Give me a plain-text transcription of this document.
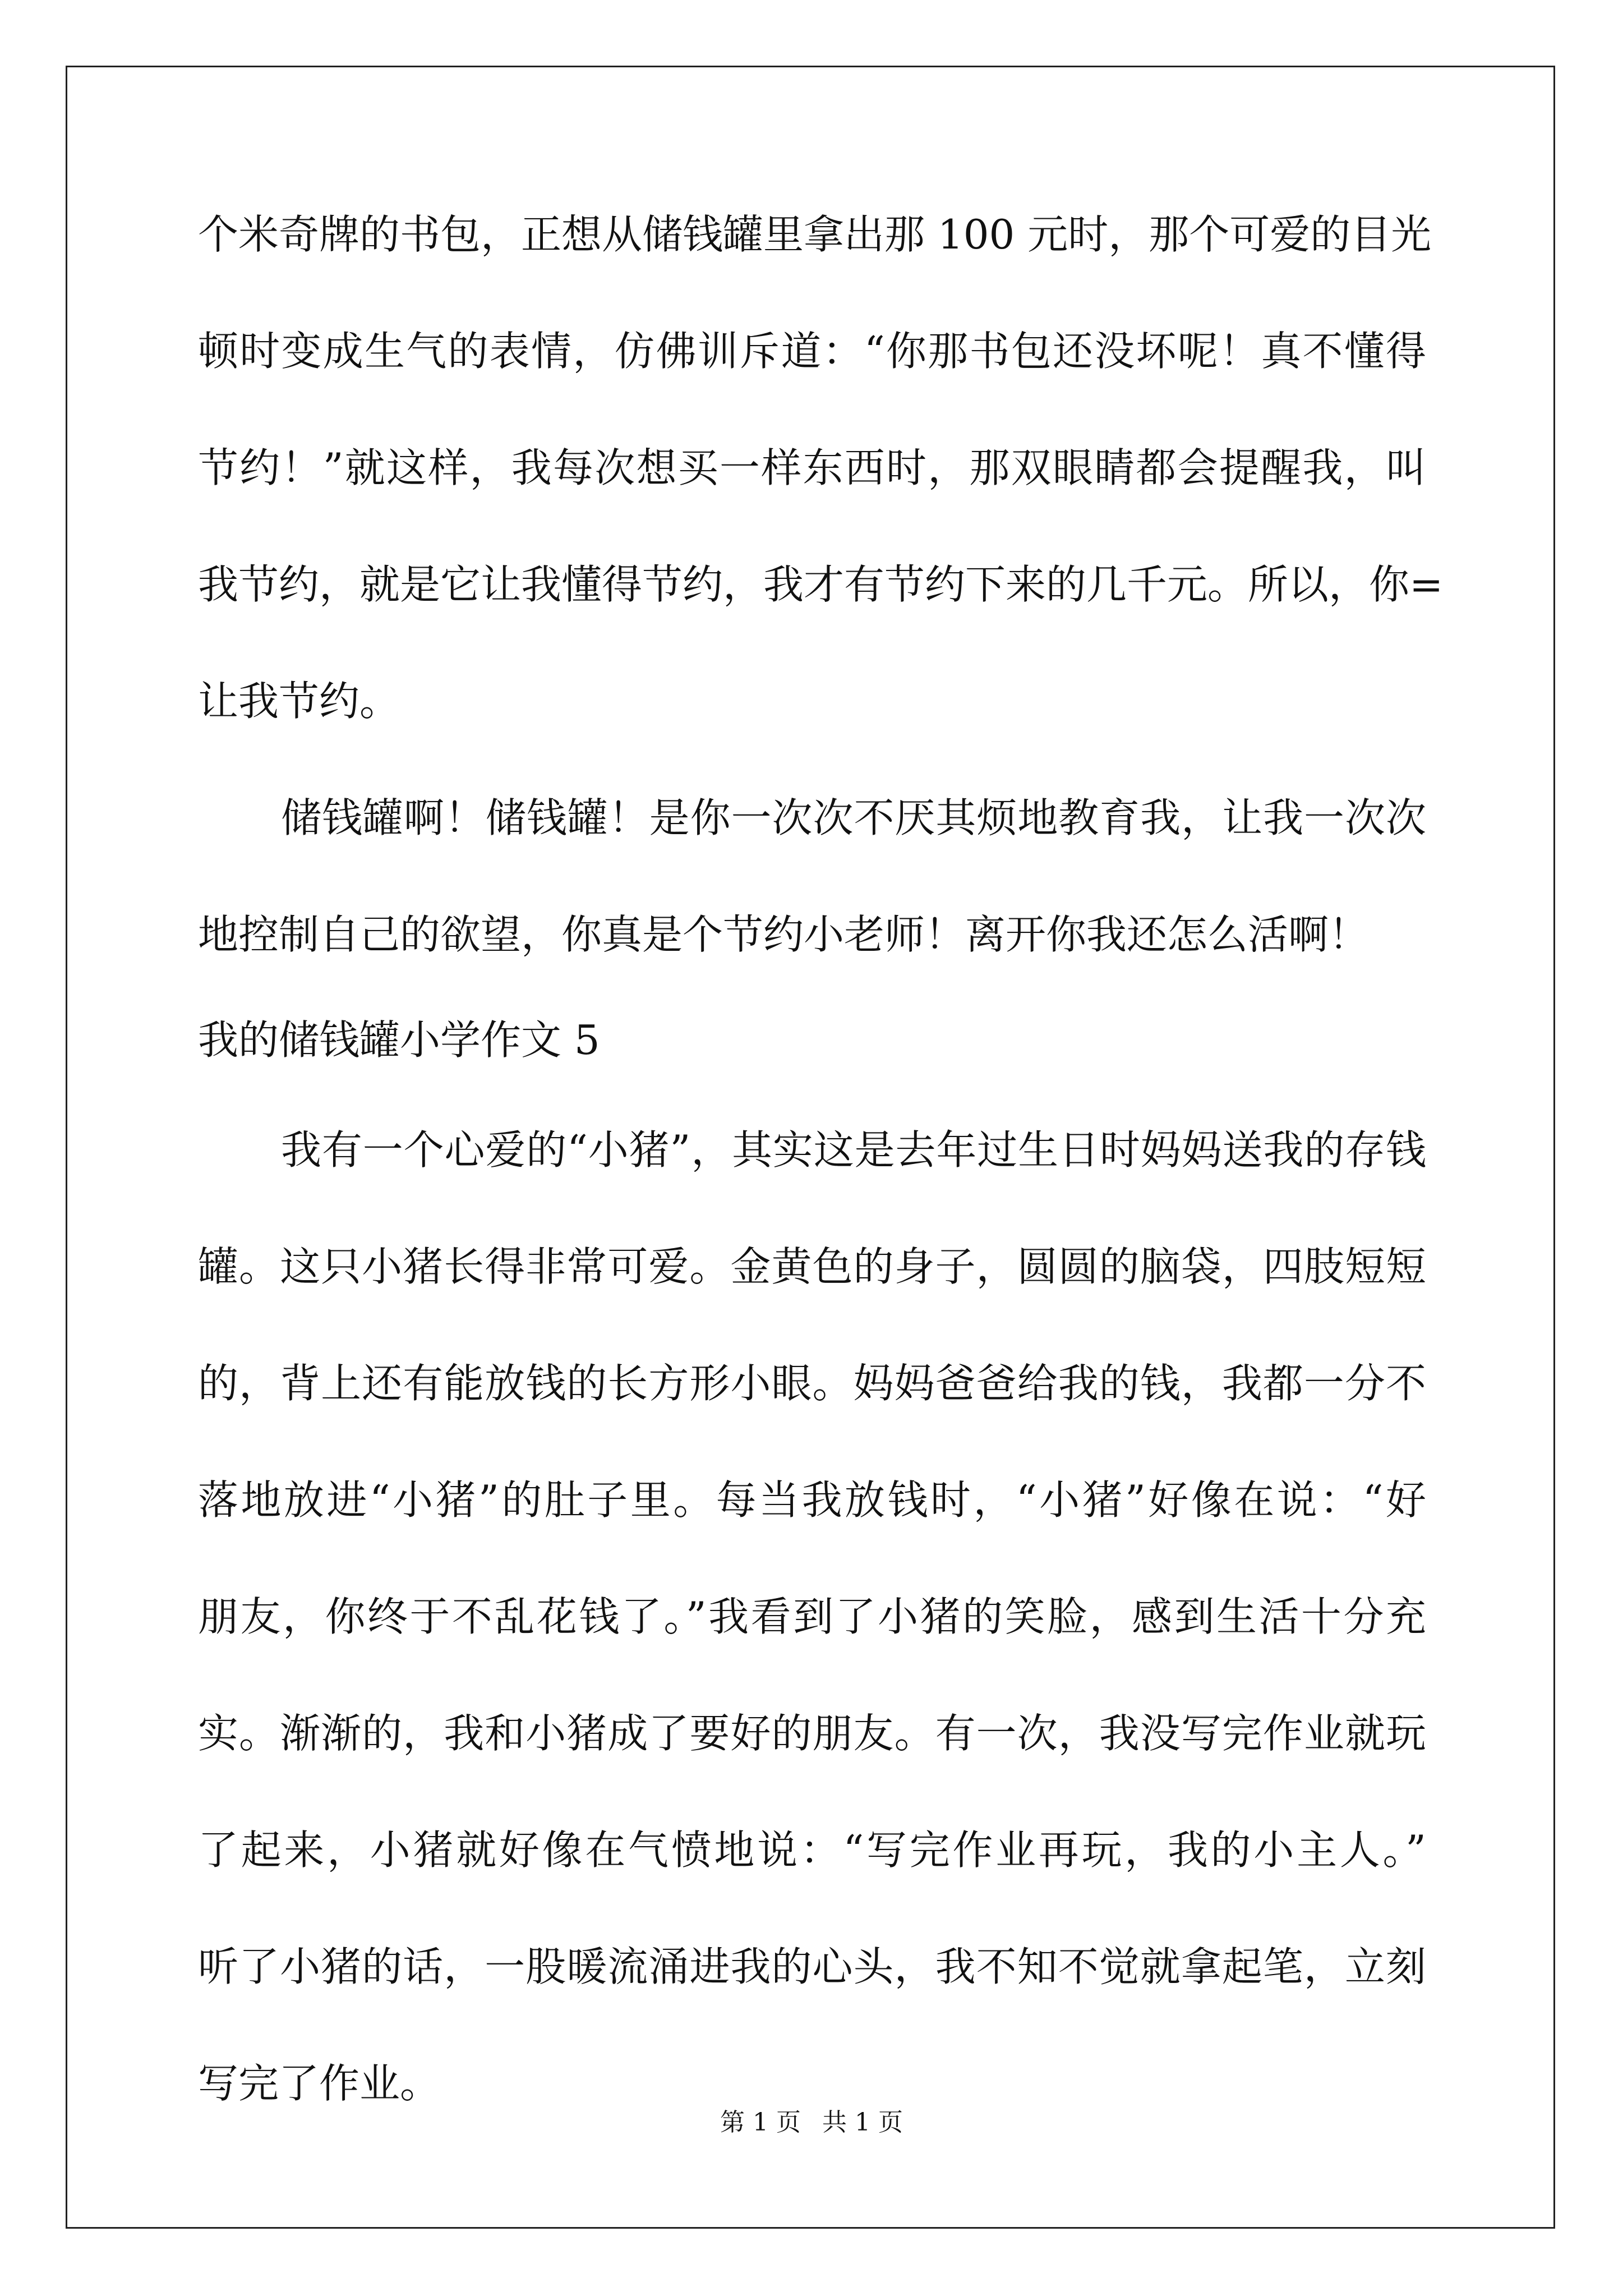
个米奇牌的书包，正想从储钱罐里拿出那 100 元时，那个可爱的目光
顿时变成生气的表情，仿佛训斥道：“你那书包还没坏呢！真不懂得
节约！”就这样，我每次想买一样东西时，那双眼睛都会提醒我，叫
我节约，就是它让我懂得节约，我才有节约下来的几千元。所以，你=
让我节约。
储钱罐啊！储钱罐！是你一次次不厌其烦地教育我，让我一次次
地控制自己的欲望，你真是个节约小老师！离开你我还怎么活啊！
我的储钱罐小学作文 5
我有一个心爱的“小猪”，其实这是去年过生日时妈妈送我的存钱
罐。这只小猪长得非常可爱。金黄色的身子，圆圆的脑袋，四肢短短
的，背上还有能放钱的长方形小眼。妈妈爸爸给我的钱，我都一分不
落地放进“小猪”的肚子里。每当我放钱时，“小猪”好像在说：“好
朋友，你终于不乱花钱了。”我看到了小猪的笑脸，感到生活十分充
实。渐渐的，我和小猪成了要好的朋友。有一次，我没写完作业就玩
了起来，小猪就好像在气愤地说：“写完作业再玩，我的小主人。”
听了小猪的话，一股暖流涌进我的心头，我不知不觉就拿起笔，立刻
写完了作业。
第 1 页 共 1 页
